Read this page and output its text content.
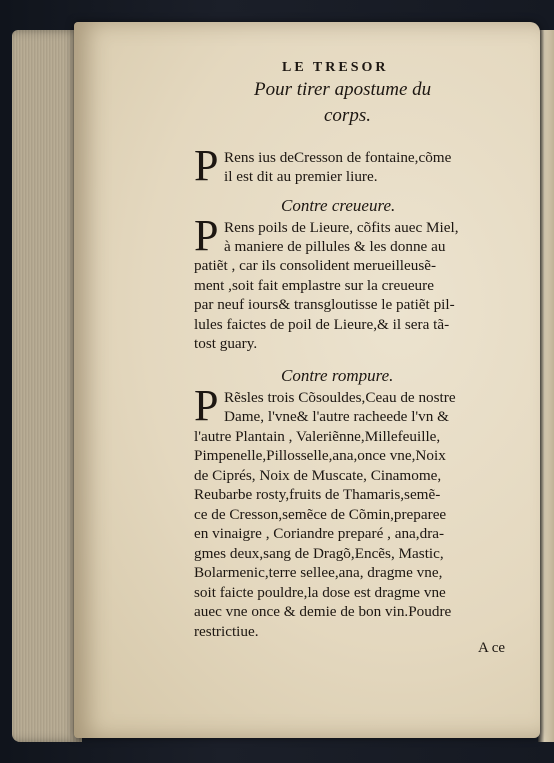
LE TRESOR
Pour tirer apostume du
corps.
P Rens ius deCresson de fontaine,cõme
il est dit au premier liure.
Contre creueure.
P Rens poils de Lieure, cõfits auec Miel,
à maniere de pillules & les donne au
patiẽt , car ils consolident merueilleusẽ-
ment ,soit fait emplastre sur la creueure
par neuf iours& transgloutisse le patiẽt pil-
lules faictes de poil de Lieure,& il sera tã-
tost guary.
Contre rompure.
P Rẽsles trois Cõsouldes,Ceau de nostre
Dame, l'vne& l'autre racheede l'vn &
l'autre Plantain , Valeriẽnne,Millefeuille,
Pimpenelle,Pillosselle,ana,once vne,Noix
de Ciprés, Noix de Muscate, Cinamome,
Reubarbe rosty,fruits de Thamaris,semẽ-
ce de Cresson,semẽce de Cõmin,preparee
en vinaigre , Coriandre preparé , ana,dra-
gmes deux,sang de Dragõ,Encẽs, Mastic,
Bolarmenic,terre sellee,ana, dragme vne,
soit faicte pouldre,la dose est dragme vne
auec vne once & demie de bon vin.Poudre
restrictiue.
A ce
